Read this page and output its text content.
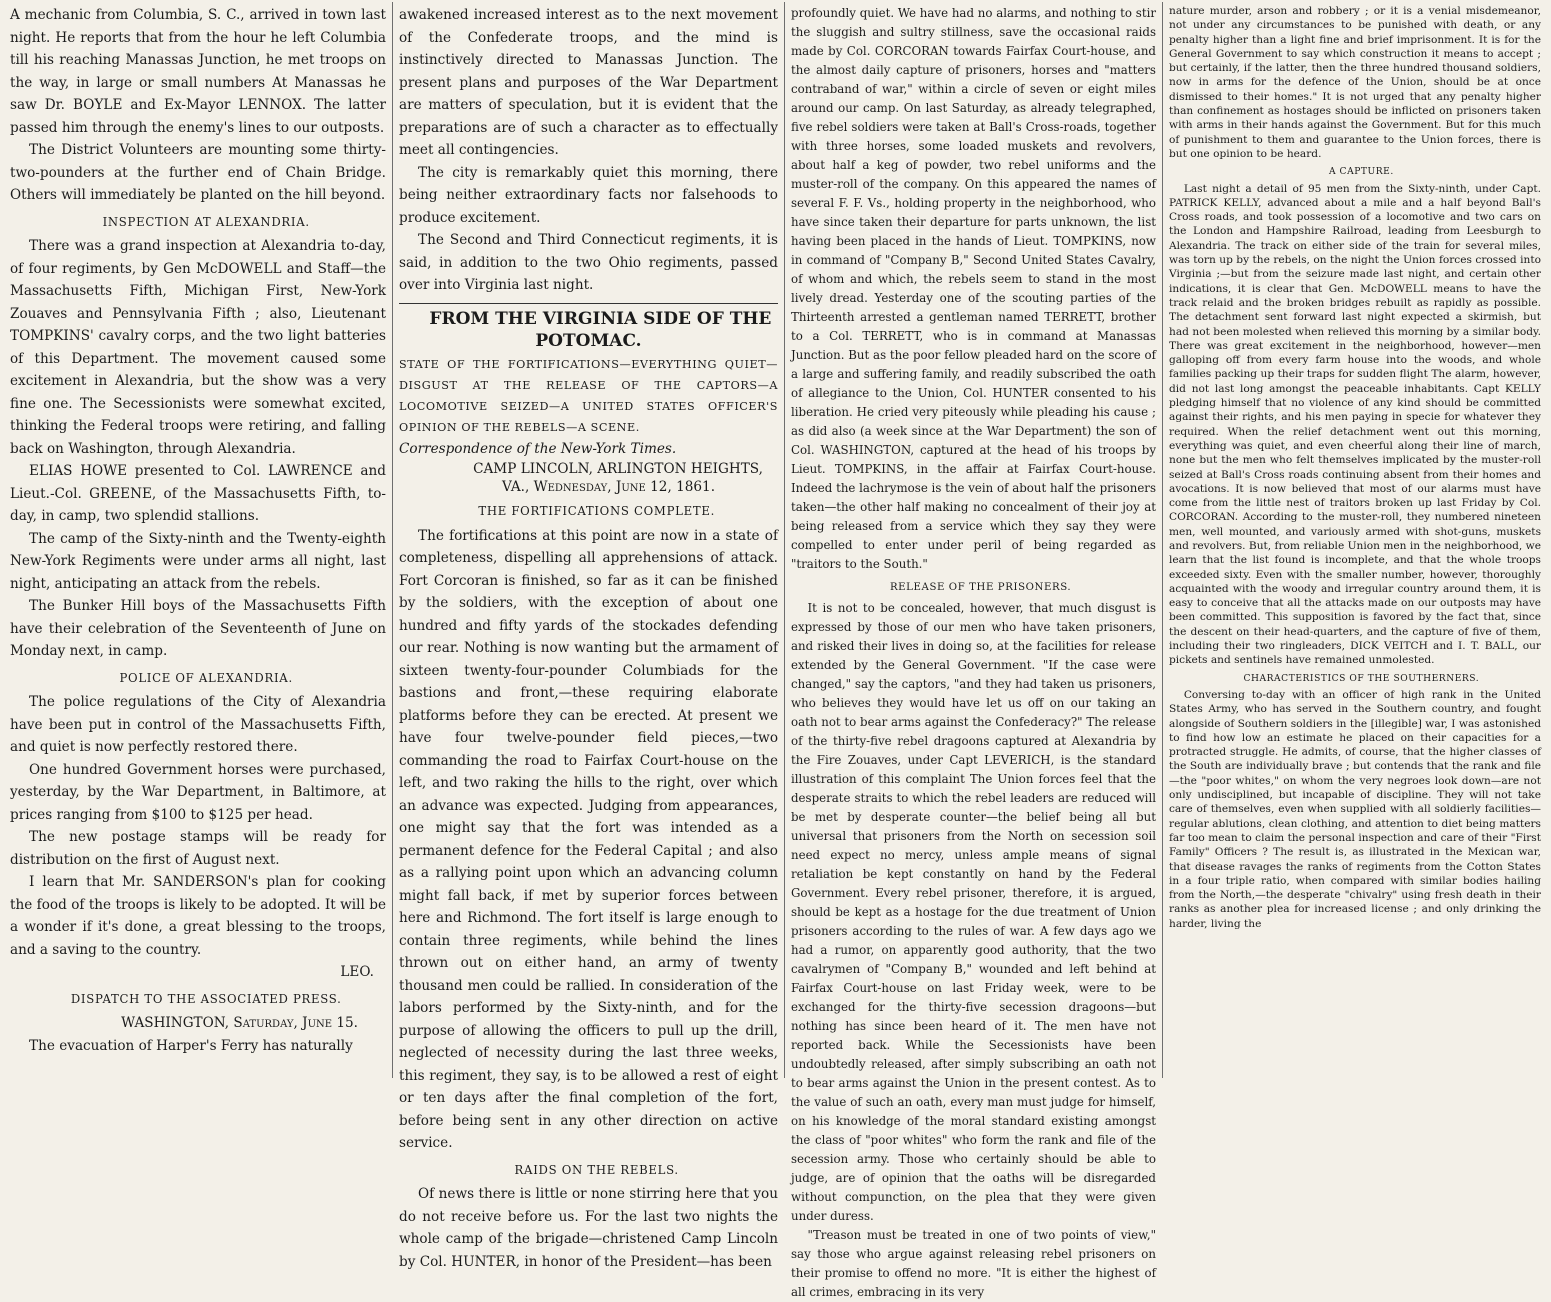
A mechanic from Columbia, S. C., arrived in town last night. He reports that from the hour he left Columbia till his reaching Manassas Junction, he met troops on the way, in large or small numbers At Manassas he saw Dr. BOYLE and Ex-Mayor LENNOX. The latter passed him through the enemy's lines to our outposts.

The District Volunteers are mounting some thirty-two-pounders at the further end of Chain Bridge. Others will immediately be planted on the hill beyond.

INSPECTION AT ALEXANDRIA.

There was a grand inspection at Alexandria to-day, of four regiments, by Gen McDOWELL and Staff—the Massachusetts Fifth, Michigan First, New-York Zouaves and Pennsylvania Fifth ; also, Lieutenant TOMPKINS' cavalry corps, and the two light batteries of this Department. The movement caused some excitement in Alexandria, but the show was a very fine one. The Secessionists were somewhat excited, thinking the Federal troops were retiring, and falling back on Washington, through Alexandria.

ELIAS HOWE presented to Col. LAWRENCE and Lieut.-Col. GREENE, of the Massachusetts Fifth, to-day, in camp, two splendid stallions.

The camp of the Sixty-ninth and the Twenty-eighth New-York Regiments were under arms all night, last night, anticipating an attack from the rebels.

The Bunker Hill boys of the Massachusetts Fifth have their celebration of the Seventeenth of June on Monday next, in camp.

POLICE OF ALEXANDRIA.

The police regulations of the City of Alexandria have been put in control of the Massachusetts Fifth, and quiet is now perfectly restored there.

One hundred Government horses were purchased, yesterday, by the War Department, in Baltimore, at prices ranging from $100 to $125 per head.

The new postage stamps will be ready for distribution on the first of August next.

I learn that Mr. SANDERSON's plan for cooking the food of the troops is likely to be adopted. It will be a wonder if it's done, a great blessing to the troops, and a saving to the country.

LEO.

DISPATCH TO THE ASSOCIATED PRESS.

WASHINGTON, Saturday, June 15.

The evacuation of Harper's Ferry has naturally

awakened increased interest as to the next movement of the Confederate troops, and the mind is instinctively directed to Manassas Junction. The present plans and purposes of the War Department are matters of speculation, but it is evident that the preparations are of such a character as to effectually meet all contingencies.

The city is remarkably quiet this morning, there being neither extraordinary facts nor falsehoods to produce excitement.

The Second and Third Connecticut regiments, it is said, in addition to the two Ohio regiments, passed over into Virginia last night.

FROM THE VIRGINIA SIDE OF THE POTOMAC.

STATE OF THE FORTIFICATIONS—EVERYTHING QUIET—DISGUST AT THE RELEASE OF THE CAPTORS—A LOCOMOTIVE SEIZED—A UNITED STATES OFFICER'S OPINION OF THE REBELS—A SCENE.

Correspondence of the New-York Times.

CAMP LINCOLN, ARLINGTON HEIGHTS, VA., Wednesday, June 12, 1861.

THE FORTIFICATIONS COMPLETE.

The fortifications at this point are now in a state of completeness, dispelling all apprehensions of attack. Fort Corcoran is finished, so far as it can be finished by the soldiers, with the exception of about one hundred and fifty yards of the stockades defending our rear. Nothing is now wanting but the armament of sixteen twenty-four-pounder Columbiads for the bastions and front,—these requiring elaborate platforms before they can be erected. At present we have four twelve-pounder field pieces,—two commanding the road to Fairfax Court-house on the left, and two raking the hills to the right, over which an advance was expected. Judging from appearances, one might say that the fort was intended as a permanent defence for the Federal Capital ; and also as a rallying point upon which an advancing column might fall back, if met by superior forces between here and Richmond. The fort itself is large enough to contain three regiments, while behind the lines thrown out on either hand, an army of twenty thousand men could be rallied. In consideration of the labors performed by the Sixty-ninth, and for the purpose of allowing the officers to pull up the drill, neglected of necessity during the last three weeks, this regiment, they say, is to be allowed a rest of eight or ten days after the final completion of the fort, before being sent in any other direction on active service.

RAIDS ON THE REBELS.

Of news there is little or none stirring here that you do not receive before us. For the last two nights the whole camp of the brigade—christened Camp Lincoln by Col. HUNTER, in honor of the President—has been

profoundly quiet. We have had no alarms, and nothing to stir the sluggish and sultry stillness, save the occasional raids made by Col. CORCORAN towards Fairfax Court-house, and the almost daily capture of prisoners, horses and "matters contraband of war," within a circle of seven or eight miles around our camp. On last Saturday, as already telegraphed, five rebel soldiers were taken at Ball's Cross-roads, together with three horses, some loaded muskets and revolvers, about half a keg of powder, two rebel uniforms and the muster-roll of the company. On this appeared the names of several F. F. Vs., holding property in the neighborhood, who have since taken their departure for parts unknown, the list having been placed in the hands of Lieut. TOMPKINS, now in command of "Company B," Second United States Cavalry, of whom and which, the rebels seem to stand in the most lively dread. Yesterday one of the scouting parties of the Thirteenth arrested a gentleman named TERRETT, brother to a Col. TERRETT, who is in command at Manassas Junction. But as the poor fellow pleaded hard on the score of a large and suffering family, and readily subscribed the oath of allegiance to the Union, Col. HUNTER consented to his liberation. He cried very piteously while pleading his cause ; as did also (a week since at the War Department) the son of Col. WASHINGTON, captured at the head of his troops by Lieut. TOMPKINS, in the affair at Fairfax Court-house. Indeed the lachrymose is the vein of about half the prisoners taken—the other half making no concealment of their joy at being released from a service which they say they were compelled to enter under peril of being regarded as "traitors to the South."

RELEASE OF THE PRISONERS.

It is not to be concealed, however, that much disgust is expressed by those of our men who have taken prisoners, and risked their lives in doing so, at the facilities for release extended by the General Government. "If the case were changed," say the captors, "and they had taken us prisoners, who believes they would have let us off on our taking an oath not to bear arms against the Confederacy?" The release of the thirty-five rebel dragoons captured at Alexandria by the Fire Zouaves, under Capt LEVERICH, is the standard illustration of this complaint The Union forces feel that the desperate straits to which the rebel leaders are reduced will be met by desperate counter—the belief being all but universal that prisoners from the North on secession soil need expect no mercy, unless ample means of signal retaliation be kept constantly on hand by the Federal Government. Every rebel prisoner, therefore, it is argued, should be kept as a hostage for the due treatment of Union prisoners according to the rules of war. A few days ago we had a rumor, on apparently good authority, that the two cavalrymen of "Company B," wounded and left behind at Fairfax Court-house on last Friday week, were to be exchanged for the thirty-five secession dragoons—but nothing has since been heard of it. The men have not reported back. While the Secessionists have been undoubtedly released, after simply subscribing an oath not to bear arms against the Union in the present contest. As to the value of such an oath, every man must judge for himself, on his knowledge of the moral standard existing amongst the class of "poor whites" who form the rank and file of the secession army. Those who certainly should be able to judge, are of opinion that the oaths will be disregarded without compunction, on the plea that they were given under duress.

"Treason must be treated in one of two points of view," say those who argue against releasing rebel prisoners on their promise to offend no more. "It is either the highest of all crimes, embracing in its very

nature murder, arson and robbery ; or it is a venial misdemeanor, not under any circumstances to be punished with death, or any penalty higher than a light fine and brief imprisonment. It is for the General Government to say which construction it means to accept ; but certainly, if the latter, then the three hundred thousand soldiers, now in arms for the defence of the Union, should be at once dismissed to their homes." It is not urged that any penalty higher than confinement as hostages should be inflicted on prisoners taken with arms in their hands against the Government. But for this much of punishment to them and guarantee to the Union forces, there is but one opinion to be heard.

A CAPTURE.

Last night a detail of 95 men from the Sixty-ninth, under Capt. PATRICK KELLY, advanced about a mile and a half beyond Ball's Cross roads, and took possession of a locomotive and two cars on the London and Hampshire Railroad, leading from Leesburgh to Alexandria. The track on either side of the train for several miles, was torn up by the rebels, on the night the Union forces crossed into Virginia ;—but from the seizure made last night, and certain other indications, it is clear that Gen. McDOWELL means to have the track relaid and the broken bridges rebuilt as rapidly as possible. The detachment sent forward last night expected a skirmish, but had not been molested when relieved this morning by a similar body. There was great excitement in the neighborhood, however—men galloping off from every farm house into the woods, and whole families packing up their traps for sudden flight The alarm, however, did not last long amongst the peaceable inhabitants. Capt KELLY pledging himself that no violence of any kind should be committed against their rights, and his men paying in specie for whatever they required. When the relief detachment went out this morning, everything was quiet, and even cheerful along their line of march, none but the men who felt themselves implicated by the muster-roll seized at Ball's Cross roads continuing absent from their homes and avocations. It is now believed that most of our alarms must have come from the little nest of traitors broken up last Friday by Col. CORCORAN. According to the muster-roll, they numbered nineteen men, well mounted, and variously armed with shot-guns, muskets and revolvers. But, from reliable Union men in the neighborhood, we learn that the list found is incomplete, and that the whole troops exceeded sixty. Even with the smaller number, however, thoroughly acquainted with the woody and irregular country around them, it is easy to conceive that all the attacks made on our outposts may have been committed. This supposition is favored by the fact that, since the descent on their head-quarters, and the capture of five of them, including their two ringleaders, DICK VEITCH and I. T. BALL, our pickets and sentinels have remained unmolested.

CHARACTERISTICS OF THE SOUTHERNERS.

Conversing to-day with an officer of high rank in the United States Army, who has served in the Southern country, and fought alongside of Southern soldiers in the [illegible] war, I was astonished to find how low an estimate he placed on their capacities for a protracted struggle. He admits, of course, that the higher classes of the South are individually brave ; but contends that the rank and file—the "poor whites," on whom the very negroes look down—are not only undisciplined, but incapable of discipline. They will not take care of themselves, even when supplied with all soldierly facilities—regular ablutions, clean clothing, and attention to diet being matters far too mean to claim the personal inspection and care of their "First Family" Officers ? The result is, as illustrated in the Mexican war, that disease ravages the ranks of regiments from the Cotton States in a four triple ratio, when compared with similar bodies hailing from the North,—the desperate "chivalry" using fresh death in their ranks as another plea for increased license ; and only drinking the harder, living the
